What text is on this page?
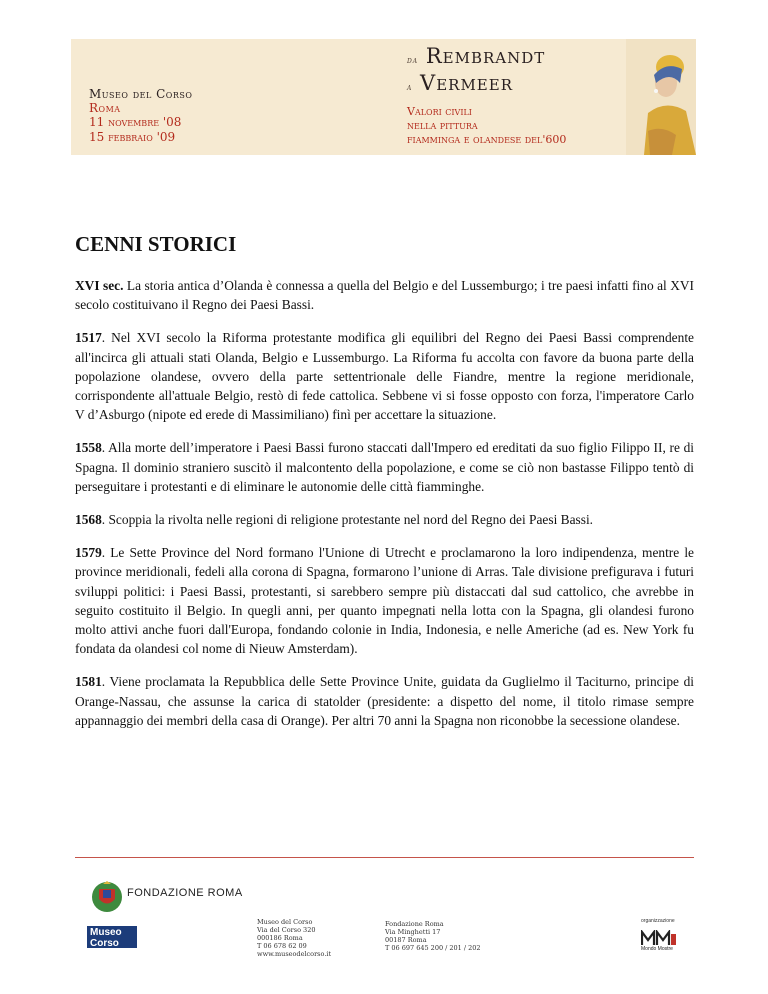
Museo del Corso
Roma
11 novembre '08
15 febbraio '09
da Rembrandt
a Vermeer
Valori civili
nella pittura
fiamminga e olandese del'600
CENNI STORICI

XVI sec. La storia antica d’Olanda è connessa a quella del Belgio e del Lussemburgo; i tre paesi infatti fino al XVI secolo costituivano il Regno dei Paesi Bassi.

1517. Nel XVI secolo la Riforma protestante modifica gli equilibri del Regno dei Paesi Bassi comprendente all'incirca gli attuali stati Olanda, Belgio e Lussemburgo. La Riforma fu accolta con favore da buona parte della popolazione olandese, ovvero della parte settentrionale delle Fiandre, mentre la regione meridionale, corrispondente all'attuale Belgio, restò di fede cattolica. Sebbene vi si fosse opposto con forza, l'imperatore Carlo V d’Asburgo (nipote ed erede di Massimiliano) finì per accettare la situazione.

1558. Alla morte dell’imperatore i Paesi Bassi furono staccati dall'Impero ed ereditati da suo figlio Filippo II, re di Spagna. Il dominio straniero suscitò il malcontento della popolazione, e come se ciò non bastasse Filippo tentò di perseguitare i protestanti e di eliminare le autonomie delle città fiamminghe.

1568. Scoppia la rivolta nelle regioni di religione protestante nel nord del Regno dei Paesi Bassi.

1579. Le Sette Province del Nord formano l'Unione di Utrecht e proclamarono la loro indipendenza, mentre le province meridionali, fedeli alla corona di Spagna, formarono l’unione di Arras. Tale divisione prefigurava i futuri sviluppi politici: i Paesi Bassi, protestanti, si sarebbero sempre più distaccati dal sud cattolico, che avrebbe in seguito costituito il Belgio. In quegli anni, per quanto impegnati nella lotta con la Spagna, gli olandesi furono molto attivi anche fuori dall'Europa, fondando colonie in India, Indonesia, e nelle Americhe (ad es. New York fu fondata da olandesi col nome di Nieuw Amsterdam).

1581. Viene proclamata la Repubblica delle Sette Province Unite, guidata da Guglielmo il Taciturno, principe di Orange-Nassau, che assunse la carica di statolder (presidente: a dispetto del nome, il titolo rimase sempre appannaggio dei membri della casa di Orange). Per altri 70 anni la Spagna non riconobbe la secessione olandese.

FONDAZIONE ROMA
Museo
Corso
Museo del Corso
Via del Corso 320
000186 Roma
T 06 678 62 09
www.museodelcorso.it
Fondazione Roma
Via Minghetti 17
00187 Roma
T 06 697 645 200 / 201 / 202
organizzazione
Mondo Mostre
